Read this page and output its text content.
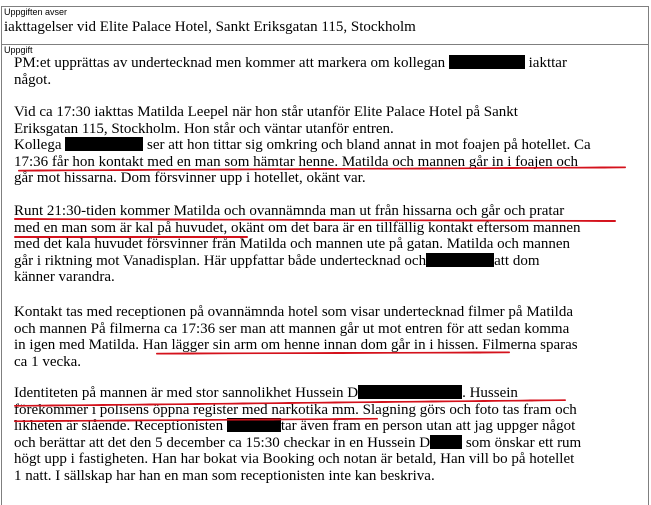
Uppgiften avser
iakttagelser vid Elite Palace Hotel, Sankt Eriksgatan 115, Stockholm
Uppgift
PM:et upprättas av undertecknad men kommer att markera om kollegan	iakttar
något.
Vid ca 17:30 iakttas Matilda Leepel när hon står utanför Elite Palace Hotel på Sankt
Eriksgatan 115, Stockholm. Hon står och väntar utanför entren.
Kollega	ser att hon tittar sig omkring och bland annat in mot foajen på hotellet. Ca
17:36 får hon kontakt med en man som hämtar henne. Matilda och mannen går in i foajen och
går mot hissarna. Dom försvinner upp i hotellet, okänt var.
Runt 21:30-tiden kommer Matilda och ovannämnda man ut från hissarna och går och pratar
med en man som är kal på huvudet, okänt om det bara är en tillfällig kontakt eftersom mannen
med det kala huvudet försvinner från Matilda och mannen ute på gatan. Matilda och mannen
går i riktning mot Vanadisplan. Här uppfattar både undertecknad och	att dom
känner varandra.
Kontakt tas med receptionen på ovannämnda hotel som visar undertecknad filmer på Matilda
och mannen På filmerna ca 17:36 ser man att mannen går ut mot entren för att sedan komma
in igen med Matilda. Han lägger sin arm om henne innan dom går in i hissen. Filmerna sparas
ca 1 vecka.
Identiteten på mannen är med stor sannolikhet Hussein D	. Hussein
förekommer i polisens öppna register med narkotika mm. Slagning görs och foto tas fram och
likheten är slående. Receptionisten	tar även fram en person utan att jag uppger något
och berättar att det den 5 december ca 15:30 checkar in en Hussein D som önskar ett rum
högt upp i fastigheten. Han har bokat via Booking och notan är betald, Han vill bo på hotellet
1 natt. I sällskap har han en man som receptionisten inte kan beskriva.
